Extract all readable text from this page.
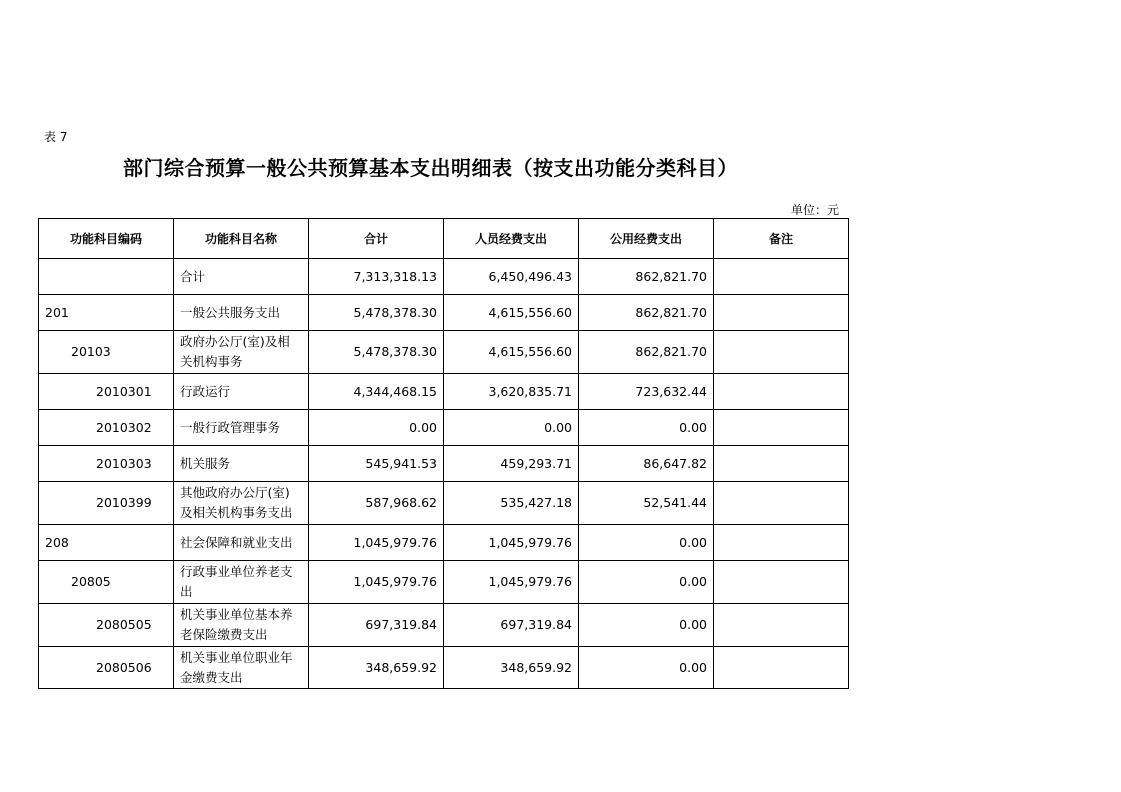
表 7
部门综合预算一般公共预算基本支出明细表（按支出功能分类科目）
单位：元
功能科目编码	功能科目名称	合计	人员经费支出	公用经费支出	备注
	合计	7,313,318.13	6,450,496.43	862,821.70	
201	一般公共服务支出	5,478,378.30	4,615,556.60	862,821.70	
20103	政府办公厅(室)及相关机构事务	5,478,378.30	4,615,556.60	862,821.70	
2010301	行政运行	4,344,468.15	3,620,835.71	723,632.44	
2010302	一般行政管理事务	0.00	0.00	0.00	
2010303	机关服务	545,941.53	459,293.71	86,647.82	
2010399	其他政府办公厅(室)及相关机构事务支出	587,968.62	535,427.18	52,541.44	
208	社会保障和就业支出	1,045,979.76	1,045,979.76	0.00	
20805	行政事业单位养老支出	1,045,979.76	1,045,979.76	0.00	
2080505	机关事业单位基本养老保险缴费支出	697,319.84	697,319.84	0.00	
2080506	机关事业单位职业年金缴费支出	348,659.92	348,659.92	0.00	
